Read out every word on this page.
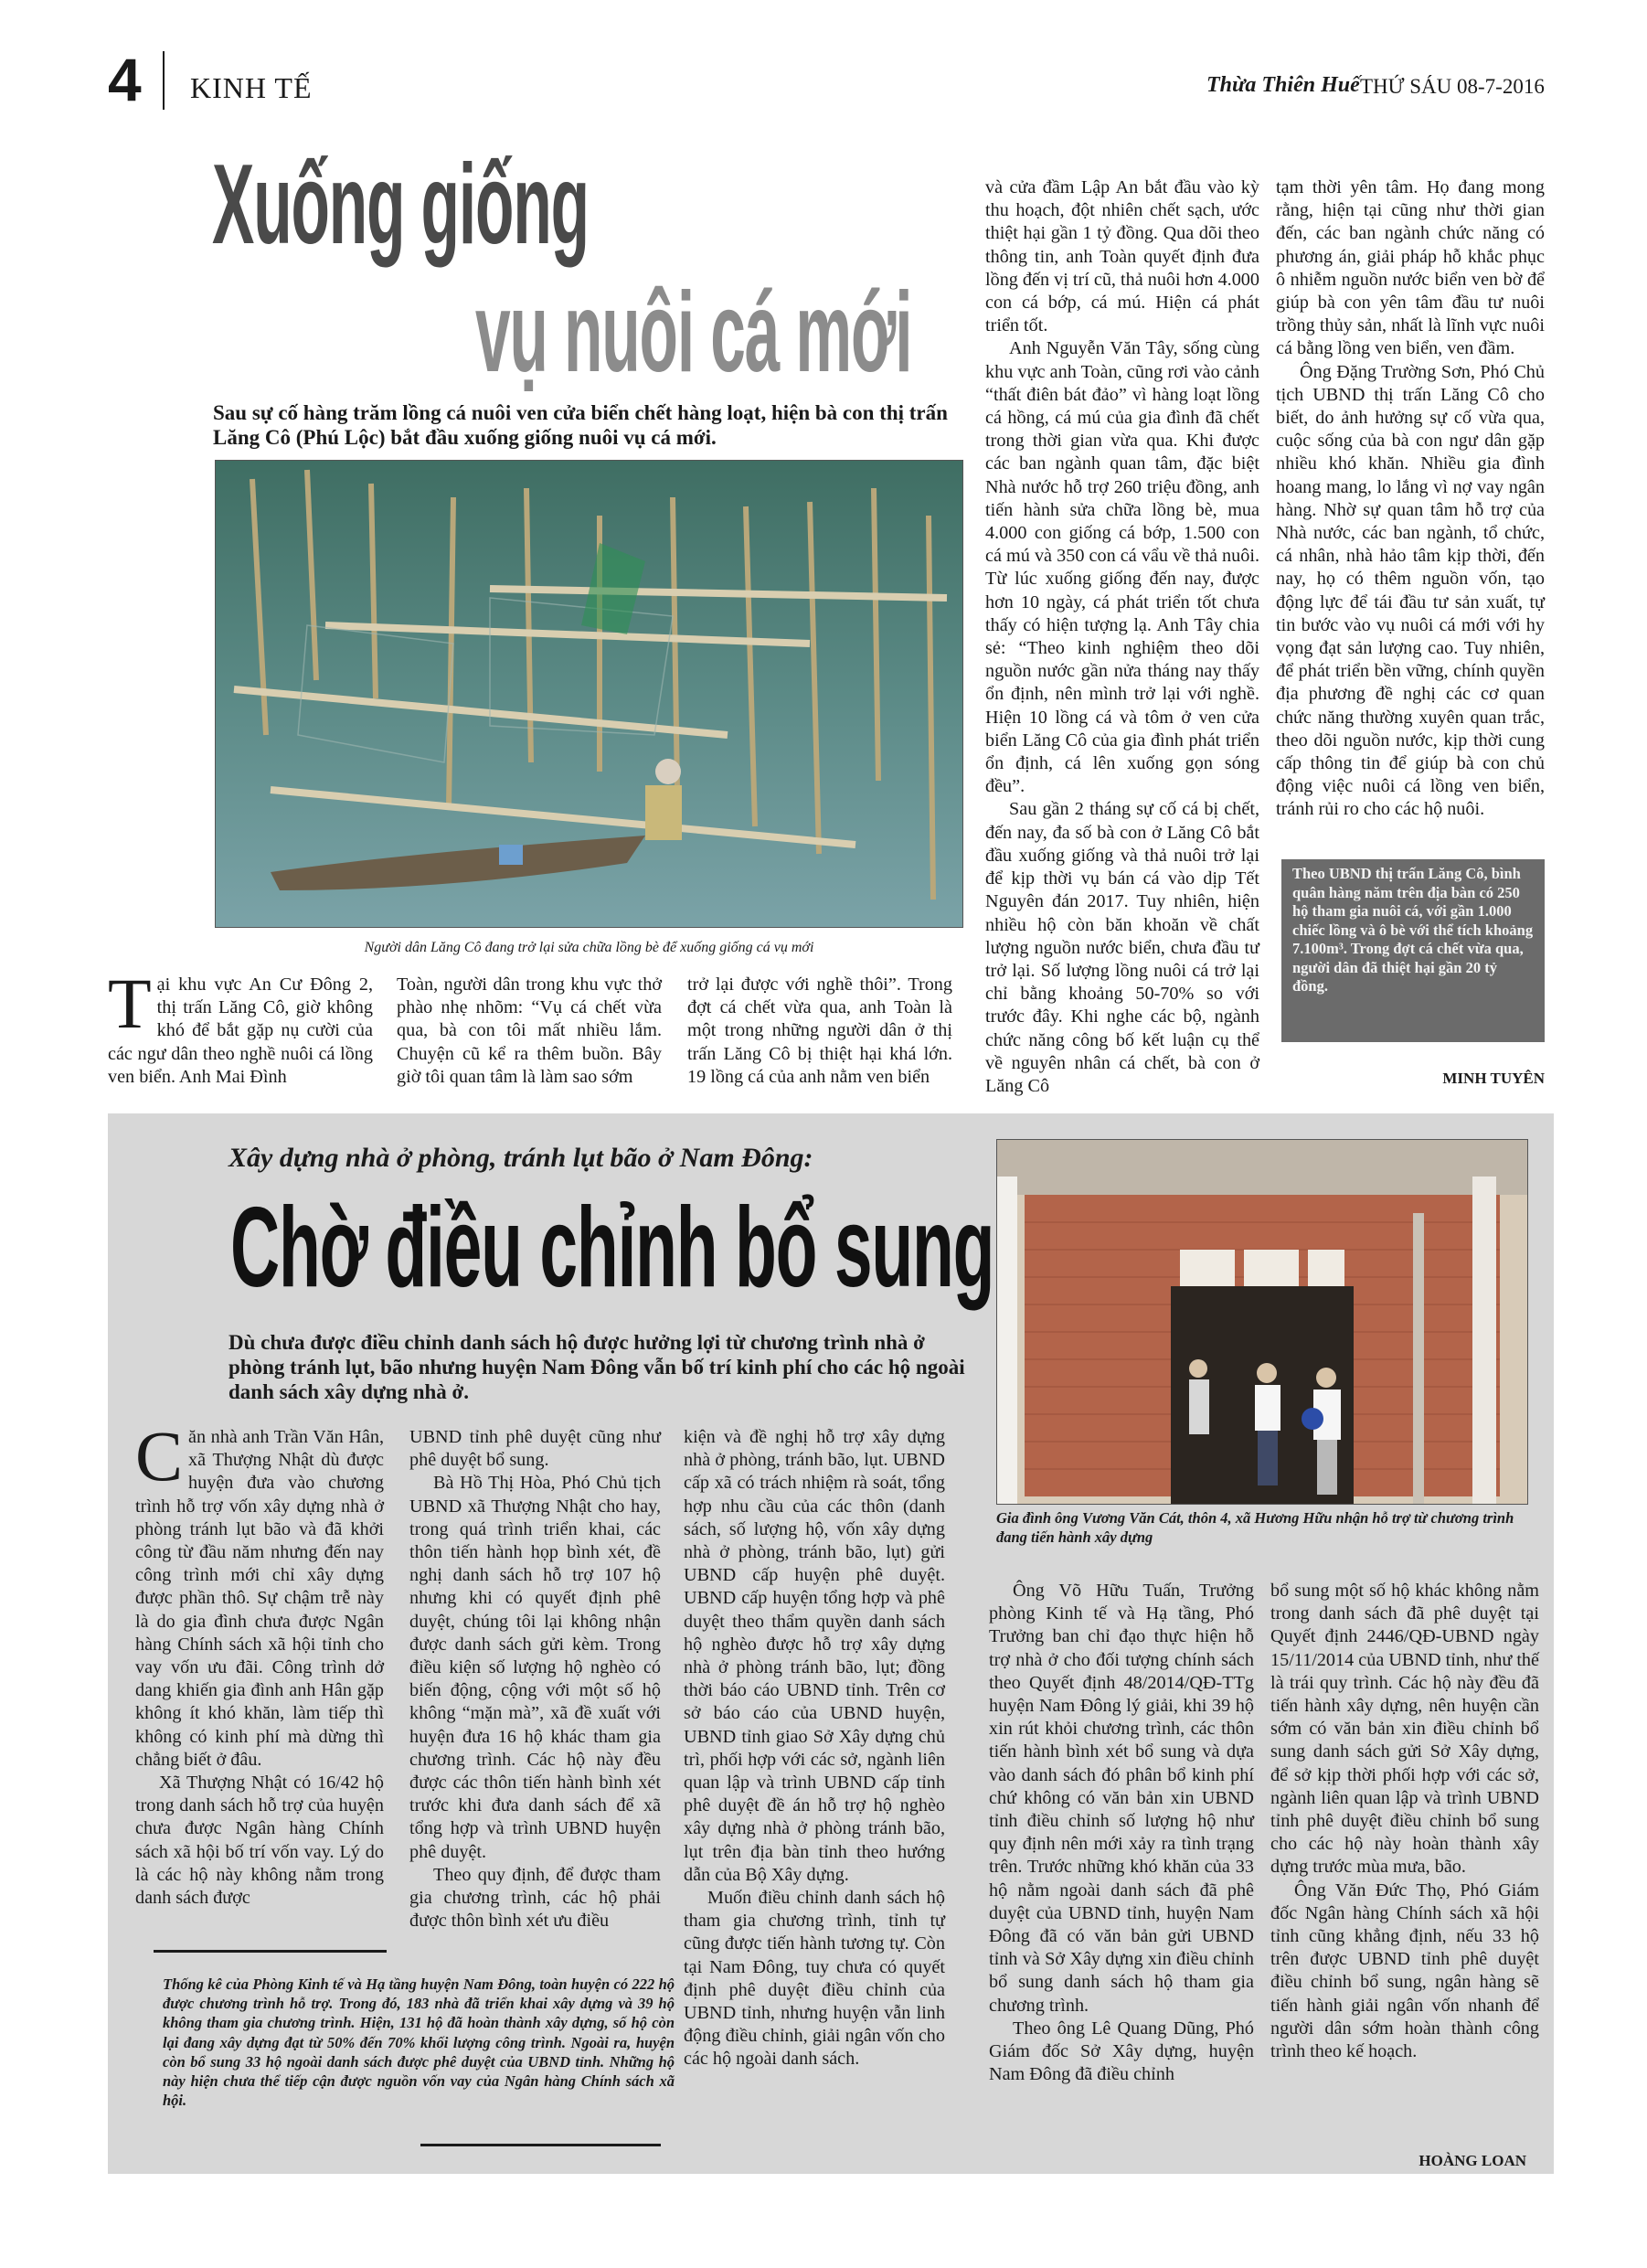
4 KINH TẾ	Thừa Thiên Huế THỨ SÁU 08-7-2016
Xuống giống
vụ nuôi cá mới
Sau sự cố hàng trăm lồng cá nuôi ven cửa biển chết hàng loạt, hiện bà con thị trấn Lăng Cô (Phú Lộc) bắt đầu xuống giống nuôi vụ cá mới.
Người dân Lăng Cô đang trở lại sửa chữa lồng bè để xuống giống cá vụ mới

Tại khu vực An Cư Đông 2, thị trấn Lăng Cô, giờ không khó để bắt gặp nụ cười của các ngư dân theo nghề nuôi cá lồng ven biển. Anh Mai Đình

Toàn, người dân trong khu vực thở phào nhẹ nhõm: “Vụ cá chết vừa qua, bà con tôi mất nhiều lắm. Chuyện cũ kể ra thêm buồn. Bây giờ tôi quan tâm là làm sao sớm

trở lại được với nghề thôi”. Trong đợt cá chết vừa qua, anh Toàn là một trong những người dân ở thị trấn Lăng Cô bị thiệt hại khá lớn. 19 lồng cá của anh nằm ven biển

và cửa đầm Lập An bắt đầu vào kỳ thu hoạch, đột nhiên chết sạch, ước thiệt hại gần 1 tỷ đồng. Qua dõi theo thông tin, anh Toàn quyết định đưa lồng đến vị trí cũ, thả nuôi hơn 4.000 con cá bớp, cá mú. Hiện cá phát triển tốt.

Anh Nguyễn Văn Tây, sống cùng khu vực anh Toàn, cũng rơi vào cảnh “thất điên bát đảo” vì hàng loạt lồng cá hồng, cá mú của gia đình đã chết trong thời gian vừa qua. Khi được các ban ngành quan tâm, đặc biệt Nhà nước hỗ trợ 260 triệu đồng, anh tiến hành sửa chữa lồng bè, mua 4.000 con giống cá bớp, 1.500 con cá mú và 350 con cá vẩu về thả nuôi. Từ lúc xuống giống đến nay, được hơn 10 ngày, cá phát triển tốt chưa thấy có hiện tượng lạ. Anh Tây chia sẻ: “Theo kinh nghiệm theo dõi nguồn nước gần nửa tháng nay thấy ổn định, nên mình trở lại với nghề. Hiện 10 lồng cá và tôm ở ven cửa biển Lăng Cô của gia đình phát triển ổn định, cá lên xuống gọn sóng đều”.

Sau gần 2 tháng sự cố cá bị chết, đến nay, đa số bà con ở Lăng Cô bắt đầu xuống giống và thả nuôi trở lại để kịp thời vụ bán cá vào dịp Tết Nguyên đán 2017. Tuy nhiên, hiện nhiều hộ còn băn khoăn về chất lượng nguồn nước biển, chưa đầu tư trở lại. Số lượng lồng nuôi cá trở lại chỉ bằng khoảng 50-70% so với trước đây. Khi nghe các bộ, ngành chức năng công bố kết luận cụ thể về nguyên nhân cá chết, bà con ở Lăng Cô

tạm thời yên tâm. Họ đang mong rằng, hiện tại cũng như thời gian đến, các ban ngành chức năng có phương án, giải pháp hỗ khắc phục ô nhiễm nguồn nước biển ven bờ để giúp bà con yên tâm đầu tư nuôi trồng thủy sản, nhất là lĩnh vực nuôi cá bằng lồng ven biển, ven đầm.

Ông Đặng Trường Sơn, Phó Chủ tịch UBND thị trấn Lăng Cô cho biết, do ảnh hưởng sự cố vừa qua, cuộc sống của bà con ngư dân gặp nhiều khó khăn. Nhiều gia đình hoang mang, lo lắng vì nợ vay ngân hàng. Nhờ sự quan tâm hỗ trợ của Nhà nước, các ban ngành, tổ chức, cá nhân, nhà hảo tâm kịp thời, đến nay, họ có thêm nguồn vốn, tạo động lực để tái đầu tư sản xuất, tự tin bước vào vụ nuôi cá mới với hy vọng đạt sản lượng cao. Tuy nhiên, để phát triển bền vững, chính quyền địa phương đề nghị các cơ quan chức năng thường xuyên quan trắc, theo dõi nguồn nước, kịp thời cung cấp thông tin để giúp bà con chủ động việc nuôi cá lồng ven biển, tránh rủi ro cho các hộ nuôi.

Theo UBND thị trấn Lăng Cô, bình quân hàng năm trên địa bàn có 250 hộ tham gia nuôi cá, với gần 1.000 chiếc lồng và ô bè với thể tích khoảng 7.100m³. Trong đợt cá chết vừa qua, người dân đã thiệt hại gần 20 tỷ đồng.
MINH TUYÊN
Xây dựng nhà ở phòng, tránh lụt bão ở Nam Đông:
Chờ điều chỉnh bổ sung
Dù chưa được điều chỉnh danh sách hộ được hưởng lợi từ chương trình nhà ở phòng tránh lụt, bão nhưng huyện Nam Đông vẫn bố trí kinh phí cho các hộ ngoài danh sách xây dựng nhà ở.
Gia đình ông Vương Văn Cát, thôn 4, xã Hương Hữu nhận hỗ trợ từ chương trình đang tiến hành xây dựng

Căn nhà anh Trần Văn Hân, xã Thượng Nhật dù được huyện đưa vào chương trình hỗ trợ vốn xây dựng nhà ở phòng tránh lụt bão và đã khởi công từ đầu năm nhưng đến nay công trình mới chỉ xây dựng được phần thô. Sự chậm trễ này là do gia đình chưa được Ngân hàng Chính sách xã hội tỉnh cho vay vốn ưu đãi. Công trình dở dang khiến gia đình anh Hân gặp không ít khó khăn, làm tiếp thì không có kinh phí mà dừng thì chẳng biết ở đâu.

Xã Thượng Nhật có 16/42 hộ trong danh sách hỗ trợ của huyện chưa được Ngân hàng Chính sách xã hội bố trí vốn vay. Lý do là các hộ này không nằm trong danh sách được

UBND tỉnh phê duyệt cũng như phê duyệt bổ sung.

Bà Hồ Thị Hòa, Phó Chủ tịch UBND xã Thượng Nhật cho hay, trong quá trình triển khai, các thôn tiến hành họp bình xét, đề nghị danh sách hỗ trợ 107 hộ nhưng khi có quyết định phê duyệt, chúng tôi lại không nhận được danh sách gửi kèm. Trong điều kiện số lượng hộ nghèo có biến động, cộng với một số hộ không “mặn mà”, xã đề xuất với huyện đưa 16 hộ khác tham gia chương trình. Các hộ này đều được các thôn tiến hành bình xét trước khi đưa danh sách để xã tổng hợp và trình UBND huyện phê duyệt.

Theo quy định, để được tham gia chương trình, các hộ phải được thôn bình xét ưu điều

kiện và đề nghị hỗ trợ xây dựng nhà ở phòng, tránh bão, lụt. UBND cấp xã có trách nhiệm rà soát, tổng hợp nhu cầu của các thôn (danh sách, số lượng hộ, vốn xây dựng nhà ở phòng, tránh bão, lụt) gửi UBND cấp huyện phê duyệt. UBND cấp huyện tổng hợp và phê duyệt theo thẩm quyền danh sách hộ nghèo được hỗ trợ xây dựng nhà ở phòng tránh bão, lụt; đồng thời báo cáo UBND tỉnh. Trên cơ sở báo cáo của UBND huyện, UBND tỉnh giao Sở Xây dựng chủ trì, phối hợp với các sở, ngành liên quan lập và trình UBND cấp tỉnh phê duyệt đề án hỗ trợ hộ nghèo xây dựng nhà ở phòng tránh bão, lụt trên địa bàn tỉnh theo hướng dẫn của Bộ Xây dựng.

Muốn điều chỉnh danh sách hộ tham gia chương trình, tỉnh tự cũng được tiến hành tương tự. Còn tại Nam Đông, tuy chưa có quyết định phê duyệt điều chỉnh của UBND tỉnh, nhưng huyện vẫn linh động điều chỉnh, giải ngân vốn cho các hộ ngoài danh sách.

Ông Võ Hữu Tuấn, Trưởng phòng Kinh tế và Hạ tầng, Phó Trưởng ban chỉ đạo thực hiện hỗ trợ nhà ở cho đối tượng chính sách theo Quyết định 48/2014/QĐ-TTg huyện Nam Đông lý giải, khi 39 hộ xin rút khỏi chương trình, các thôn tiến hành bình xét bổ sung và dựa vào danh sách đó phân bổ kinh phí chứ không có văn bản xin UBND tỉnh điều chỉnh số lượng hộ như quy định nên mới xảy ra tình trạng trên. Trước những khó khăn của 33 hộ nằm ngoài danh sách đã phê duyệt của UBND tỉnh, huyện Nam Đông đã có văn bản gửi UBND tỉnh và Sở Xây dựng xin điều chỉnh bổ sung danh sách hộ tham gia chương trình.

Theo ông Lê Quang Dũng, Phó Giám đốc Sở Xây dựng, huyện Nam Đông đã điều chỉnh

bổ sung một số hộ khác không nằm trong danh sách đã phê duyệt tại Quyết định 2446/QĐ-UBND ngày 15/11/2014 của UBND tỉnh, như thế là trái quy trình. Các hộ này đều đã tiến hành xây dựng, nên huyện cần sớm có văn bản xin điều chỉnh bổ sung danh sách gửi Sở Xây dựng, để sở kịp thời phối hợp với các sở, ngành liên quan lập và trình UBND tỉnh phê duyệt điều chỉnh bổ sung cho các hộ này hoàn thành xây dựng trước mùa mưa, bão.

Ông Văn Đức Thọ, Phó Giám đốc Ngân hàng Chính sách xã hội tỉnh cũng khẳng định, nếu 33 hộ trên được UBND tỉnh phê duyệt điều chỉnh bổ sung, ngân hàng sẽ tiến hành giải ngân vốn nhanh để người dân sớm hoàn thành công trình theo kế hoạch.

Thống kê của Phòng Kinh tế và Hạ tầng huyện Nam Đông, toàn huyện có 222 hộ được chương trình hỗ trợ. Trong đó, 183 nhà đã triển khai xây dựng và 39 hộ không tham gia chương trình. Hiện, 131 hộ đã hoàn thành xây dựng, số hộ còn lại đang xây dựng đạt từ 50% đến 70% khối lượng công trình. Ngoài ra, huyện còn bổ sung 33 hộ ngoài danh sách được phê duyệt của UBND tỉnh. Những hộ này hiện chưa thể tiếp cận được nguồn vốn vay của Ngân hàng Chính sách xã hội.
HOÀNG LOAN
